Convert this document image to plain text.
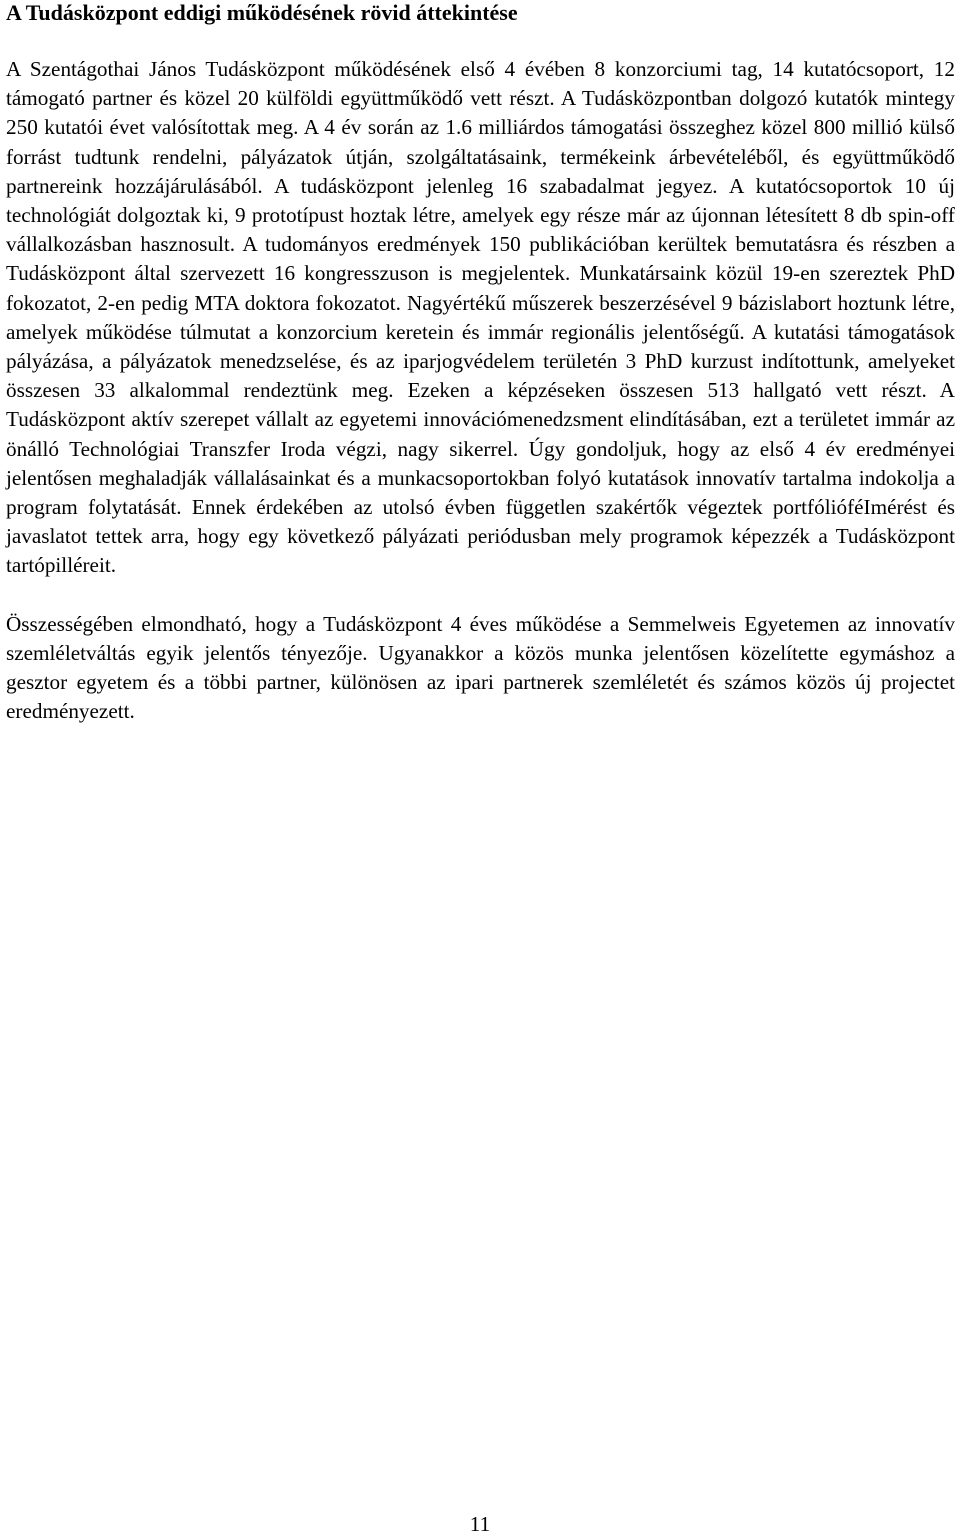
A Tudásközpont eddigi működésének rövid áttekintése

A Szentágothai János Tudásközpont működésének első 4 évében 8 konzorciumi tag, 14 kutatócsoport, 12 támogató partner és közel 20 külföldi együttműködő vett részt. A Tudásközpontban dolgozó kutatók mintegy 250 kutatói évet valósítottak meg. A 4 év során az 1.6 milliárdos támogatási összeghez közel 800 millió külső forrást tudtunk rendelni, pályázatok útján, szolgáltatásaink, termékeink árbevételéből, és együttműködő partnereink hozzájárulásából. A tudásközpont jelenleg 16 szabadalmat jegyez. A kutatócsoportok 10 új technológiát dolgoztak ki, 9 prototípust hoztak létre, amelyek egy része már az újonnan létesített 8 db spin-off vállalkozásban hasznosult. A tudományos eredmények 150 publikációban kerültek bemutatásra és részben a Tudásközpont által szervezett 16 kongresszuson is megjelentek. Munkatársaink közül 19-en szereztek PhD fokozatot, 2-en pedig MTA doktora fokozatot. Nagyértékű műszerek beszerzésével 9 bázislabort hoztunk létre, amelyek működése túlmutat a konzorcium keretein és immár regionális jelentőségű. A kutatási támogatások pályázása, a pályázatok menedzselése, és az iparjogvédelem területén 3 PhD kurzust indítottunk, amelyeket összesen 33 alkalommal rendeztünk meg. Ezeken a képzéseken összesen 513 hallgató vett részt. A Tudásközpont aktív szerepet vállalt az egyetemi innovációmenedzsment elindításában, ezt a területet immár az önálló Technológiai Transzfer Iroda végzi, nagy sikerrel. Úgy gondoljuk, hogy az első 4 év eredményei jelentősen meghaladják vállalásainkat és a munkacsoportokban folyó kutatások innovatív tartalma indokolja a program folytatását. Ennek érdekében az utolsó évben független szakértők végeztek portfólióféImérést és javaslatot tettek arra, hogy egy következő pályázati periódusban mely programok képezzék a Tudásközpont tartópilléreit.

Összességében elmondható, hogy a Tudásközpont 4 éves működése a Semmelweis Egyetemen az innovatív szemléletváltás egyik jelentős tényezője. Ugyanakkor a közös munka jelentősen közelítette egymáshoz a gesztor egyetem és a többi partner, különösen az ipari partnerek szemléletét és számos közös új projectet eredményezett.

11
